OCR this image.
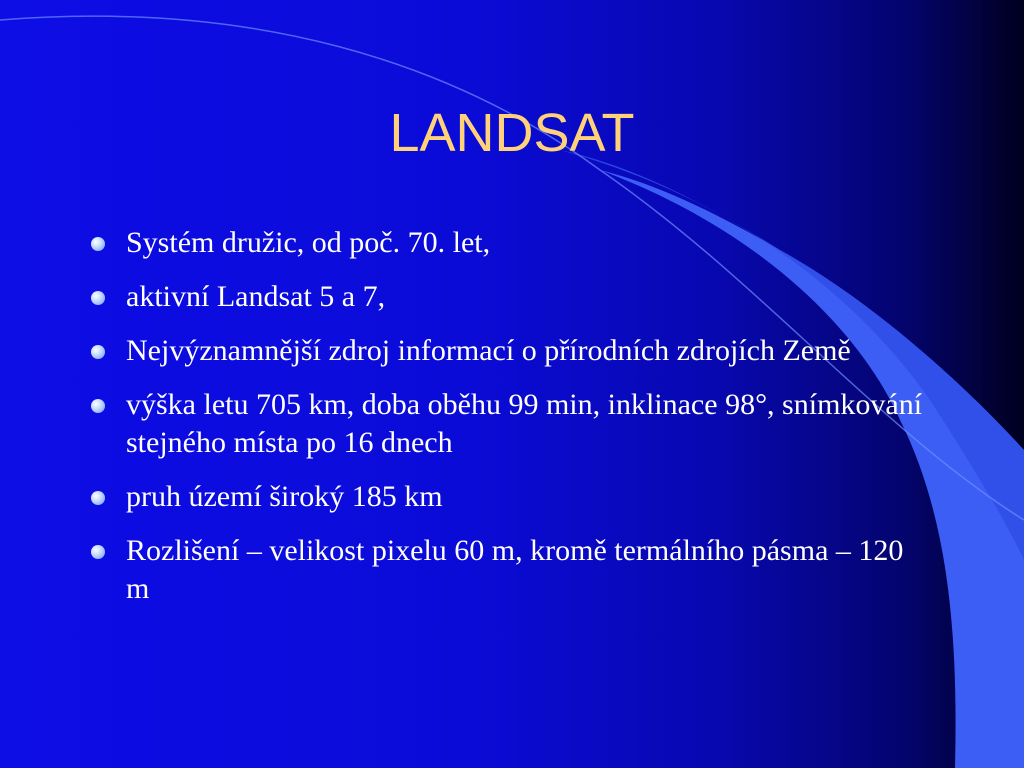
LANDSAT
Systém družic, od poč. 70. let,
aktivní Landsat 5 a 7,
Nejvýznamnější zdroj informací o přírodních zdrojích Země
výška letu 705 km, doba oběhu 99 min, inklinace 98°, snímkování stejného místa po 16 dnech
pruh území široký 185 km
Rozlišení – velikost pixelu 60 m, kromě termálního pásma – 120 m
